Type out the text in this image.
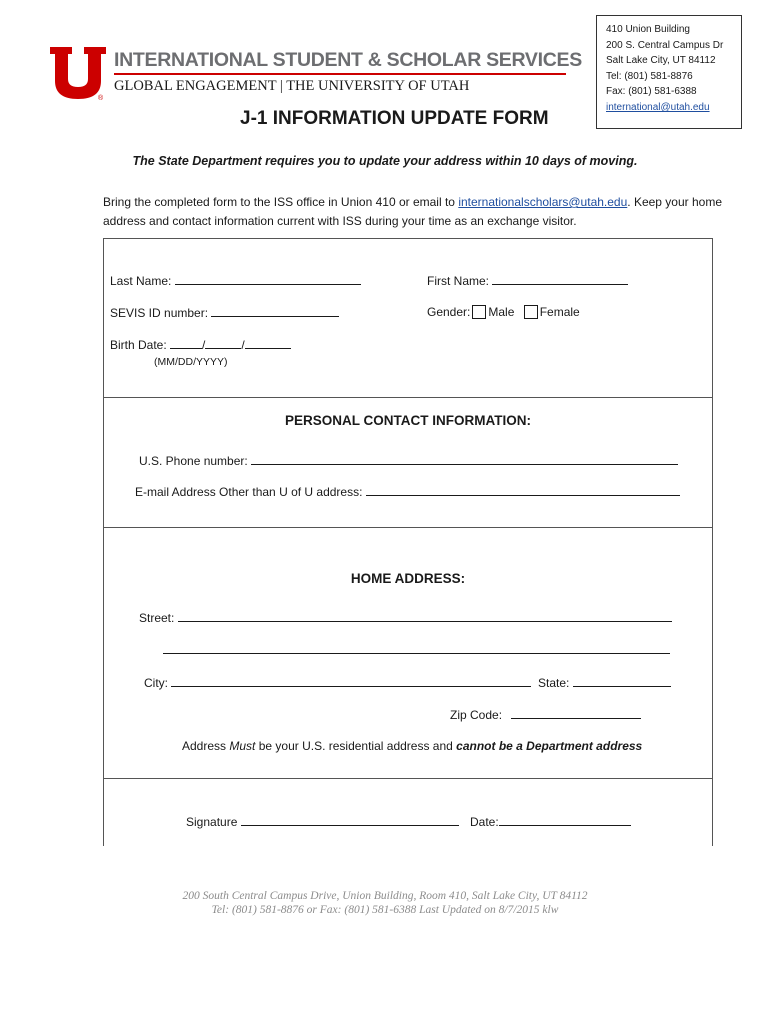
®
INTERNATIONAL STUDENT & SCHOLAR SERVICES
GLOBAL ENGAGEMENT | THE UNIVERSITY OF UTAH
410 Union Building
200 S. Central Campus Dr
Salt Lake City, UT 84112
Tel: (801) 581-8876
Fax: (801) 581-6388
international@utah.edu
J-1 INFORMATION UPDATE FORM
The State Department requires you to update your address within 10 days of moving.
Bring the completed form to the ISS office in Union 410 or email to internationalscholars@utah.edu. Keep your home address and contact information current with ISS during your time as an exchange visitor.
Last Name:	First Name:
SEVIS ID number:	Gender: Male Female
Birth Date:	/	/
(MM/DD/YYYY)
PERSONAL CONTACT INFORMATION:
U.S. Phone number:
E-mail Address Other than U of U address:
HOME ADDRESS:
Street:
City:	State:
Zip Code:
Address Must be your U.S. residential address and cannot be a Department address
Signature	Date:
200 South Central Campus Drive, Union Building, Room 410, Salt Lake City, UT 84112
Tel: (801) 581-8876 or Fax: (801) 581-6388 Last Updated on 8/7/2015 klw
